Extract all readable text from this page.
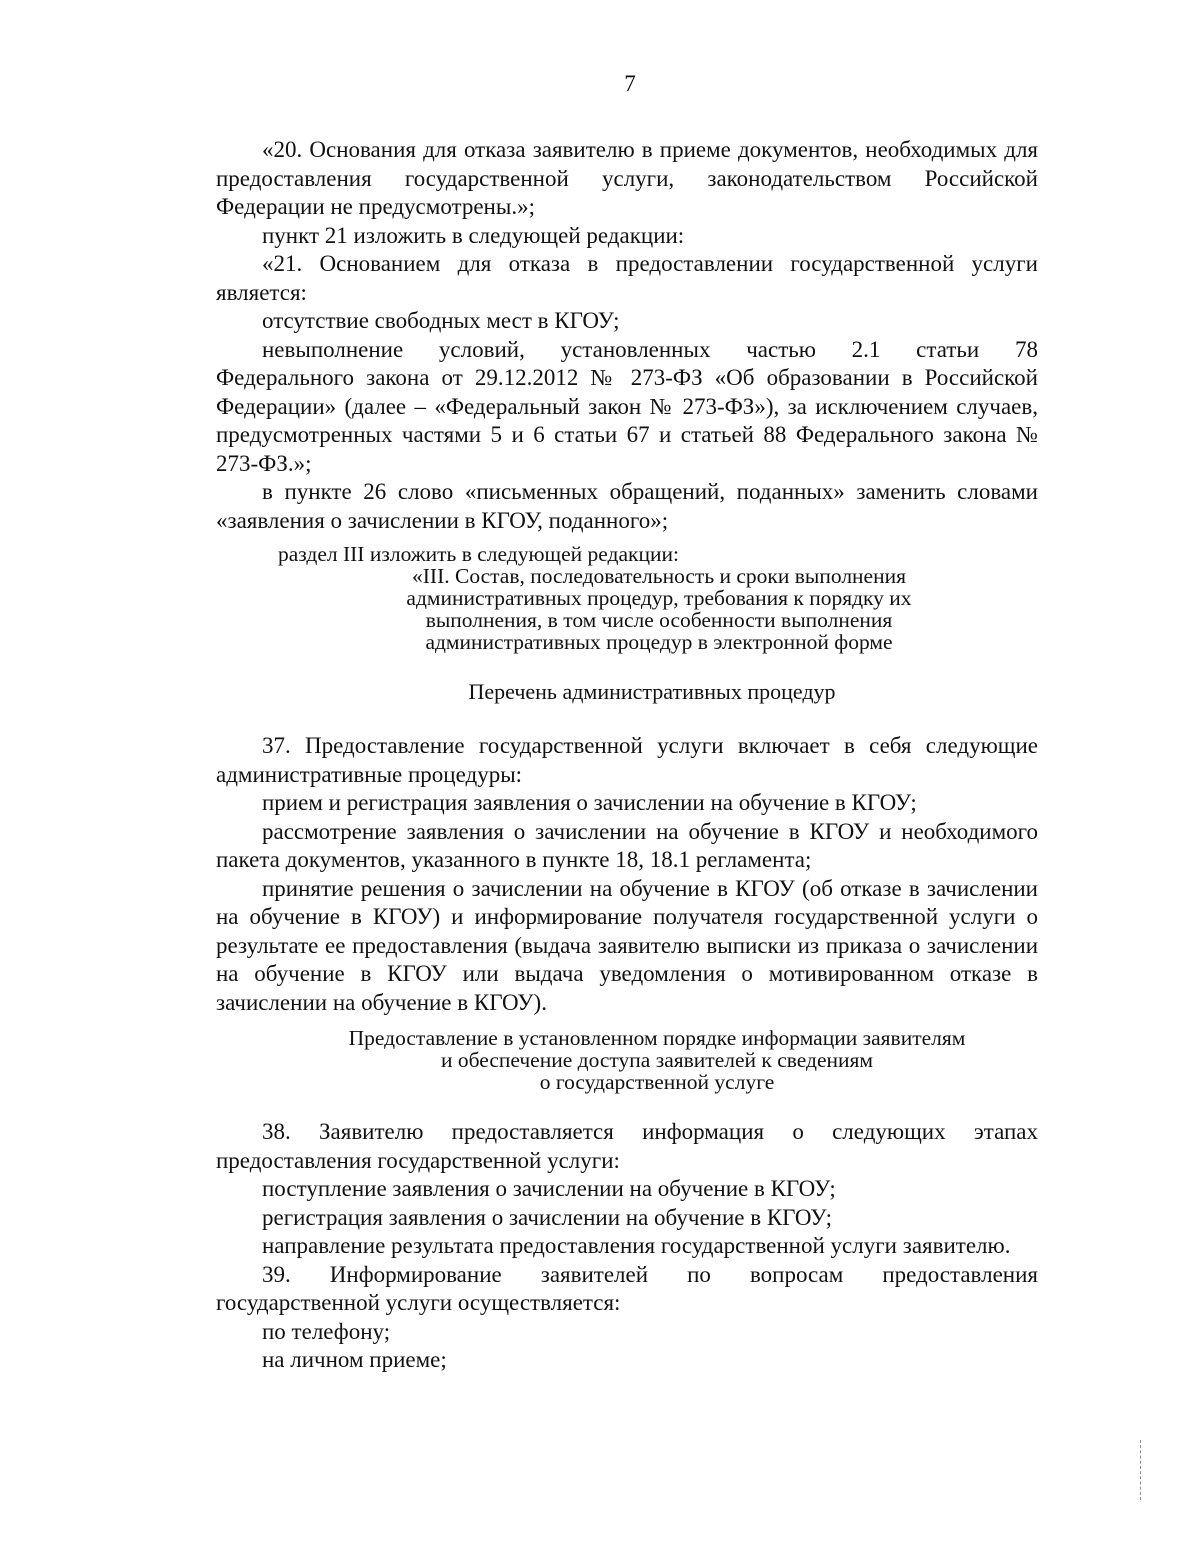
7

«20. Основания для отказа заявителю в приеме документов, необходимых для предоставления государственной услуги, законодательством Российской Федерации не предусмотрены.»;

пункт 21 изложить в следующей редакции:

«21. Основанием для отказа в предоставлении государственной услуги является:

отсутствие свободных мест в КГОУ;

невыполнение условий, установленных частью 2.1 статьи 78

Федерального закона от 29.12.2012 № 273-ФЗ «Об образовании в Российской Федерации» (далее – «Федеральный закон № 273-ФЗ»), за исключением случаев, предусмотренных частями 5 и 6 статьи 67 и статьей 88 Федерального закона № 273-ФЗ.»;

в пункте 26 слово «письменных обращений, поданных» заменить словами «заявления о зачислении в КГОУ, поданного»;

раздел III изложить в следующей редакции:

«III. Состав, последовательность и сроки выполнения

административных процедур, требования к порядку их

выполнения, в том числе особенности выполнения

административных процедур в электронной форме

Перечень административных процедур

37. Предоставление государственной услуги включает в себя следующие административные процедуры:

прием и регистрация заявления о зачислении на обучение в КГОУ;

рассмотрение заявления о зачислении на обучение в КГОУ и необходимого пакета документов, указанного в пункте 18, 18.1 регламента;

принятие решения о зачислении на обучение в КГОУ (об отказе в зачислении на обучение в КГОУ) и информирование получателя государственной услуги о результате ее предоставления (выдача заявителю выписки из приказа о зачислении на обучение в КГОУ или выдача уведомления о мотивированном отказе в зачислении на обучение в КГОУ).

Предоставление в установленном порядке информации заявителям

и обеспечение доступа заявителей к сведениям

о государственной услуге

38. Заявителю предоставляется информация о следующих этапах предоставления государственной услуги:

поступление заявления о зачислении на обучение в КГОУ;

регистрация заявления о зачислении на обучение в КГОУ;

направление результата предоставления государственной услуги заявителю.

39. Информирование заявителей по вопросам предоставления государственной услуги осуществляется:

по телефону;

на личном приеме;
